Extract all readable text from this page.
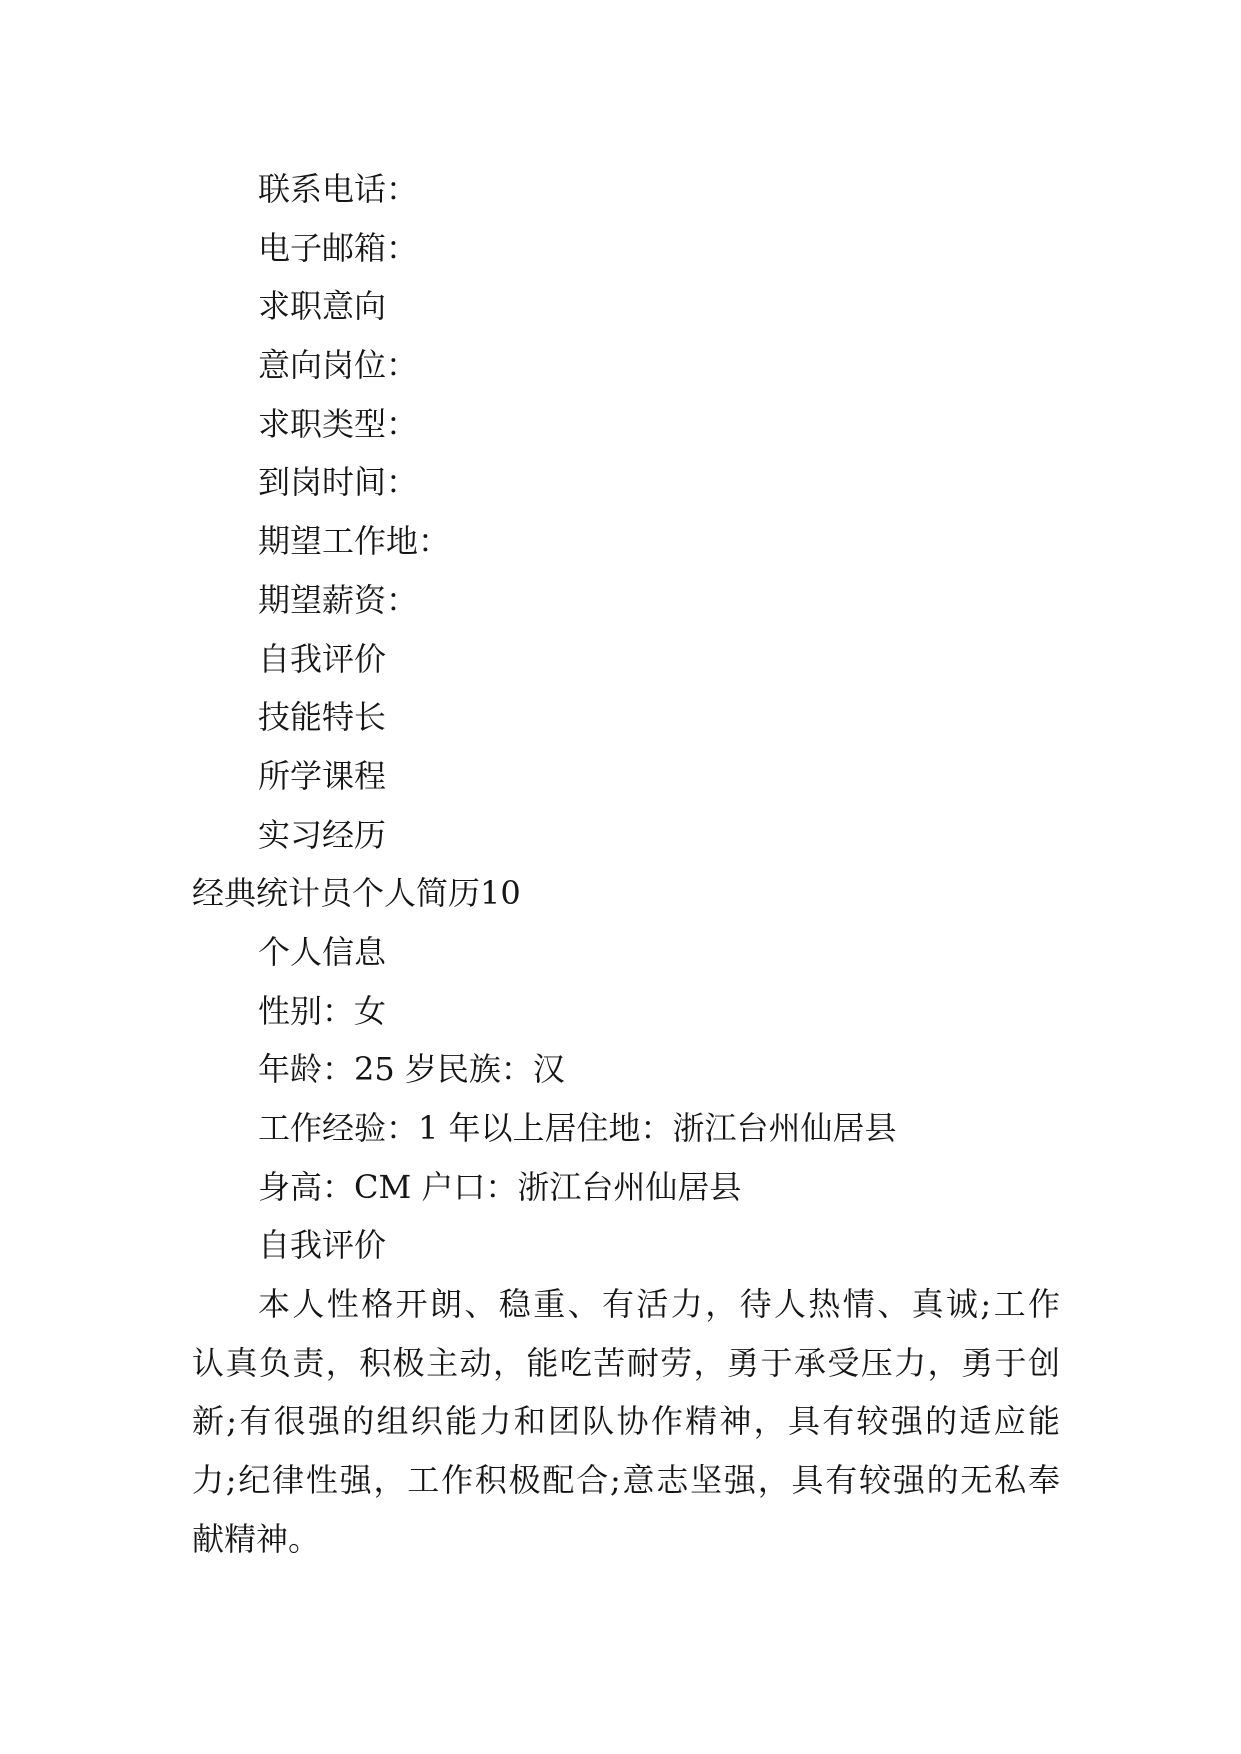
联系电话：
电子邮箱：
求职意向
意向岗位：
求职类型：
到岗时间：
期望工作地：
期望薪资：
自我评价
技能特长
所学课程
实习经历
经典统计员个人简历10
个人信息
性别：女
年龄：25 岁民族：汉
工作经验：1 年以上居住地：浙江台州仙居县
身高：CM 户口：浙江台州仙居县
自我评价
本人性格开朗、稳重、有活力，待人热情、真诚;工作
认真负责，积极主动，能吃苦耐劳，勇于承受压力，勇于创
新;有很强的组织能力和团队协作精神，具有较强的适应能
力;纪律性强，工作积极配合;意志坚强，具有较强的无私奉
献精神。
